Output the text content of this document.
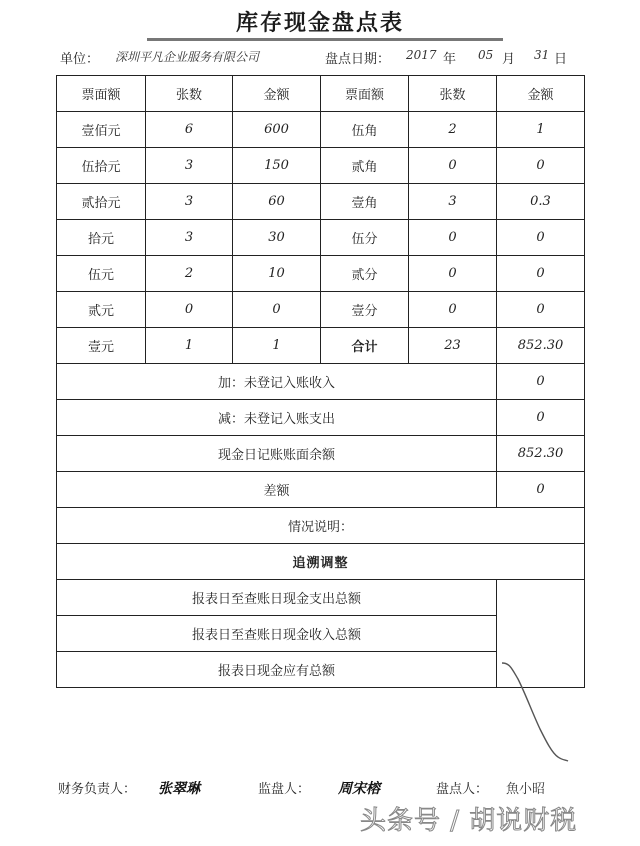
库存现金盘点表
单位： 深圳平凡企业服务有限公司	盘点日期： 2017 年 05 月 31 日
票面额	张数	金额	票面额	张数	金额
壹佰元	6	600	伍角	2	1
伍拾元	3	150	贰角	0	0
贰拾元	3	60	壹角	3	0.3
拾元	3	30	伍分	0	0
伍元	2	10	贰分	0	0
贰元	0	0	壹分	0	0
壹元	1	1	合计	23	852.30
加：未登记入账收入					0
减：未登记入账支出					0
现金日记账账面余额					852.30
差额					0
情况说明：					
追溯调整					
报表日至查账日现金支出总额					
报表日至查账日现金收入总额					
报表日现金应有总额					
财务负责人： 张翠琳	监盘人： 周宋榕	盘点人： 魚小昭
头条号 / 胡说财税
